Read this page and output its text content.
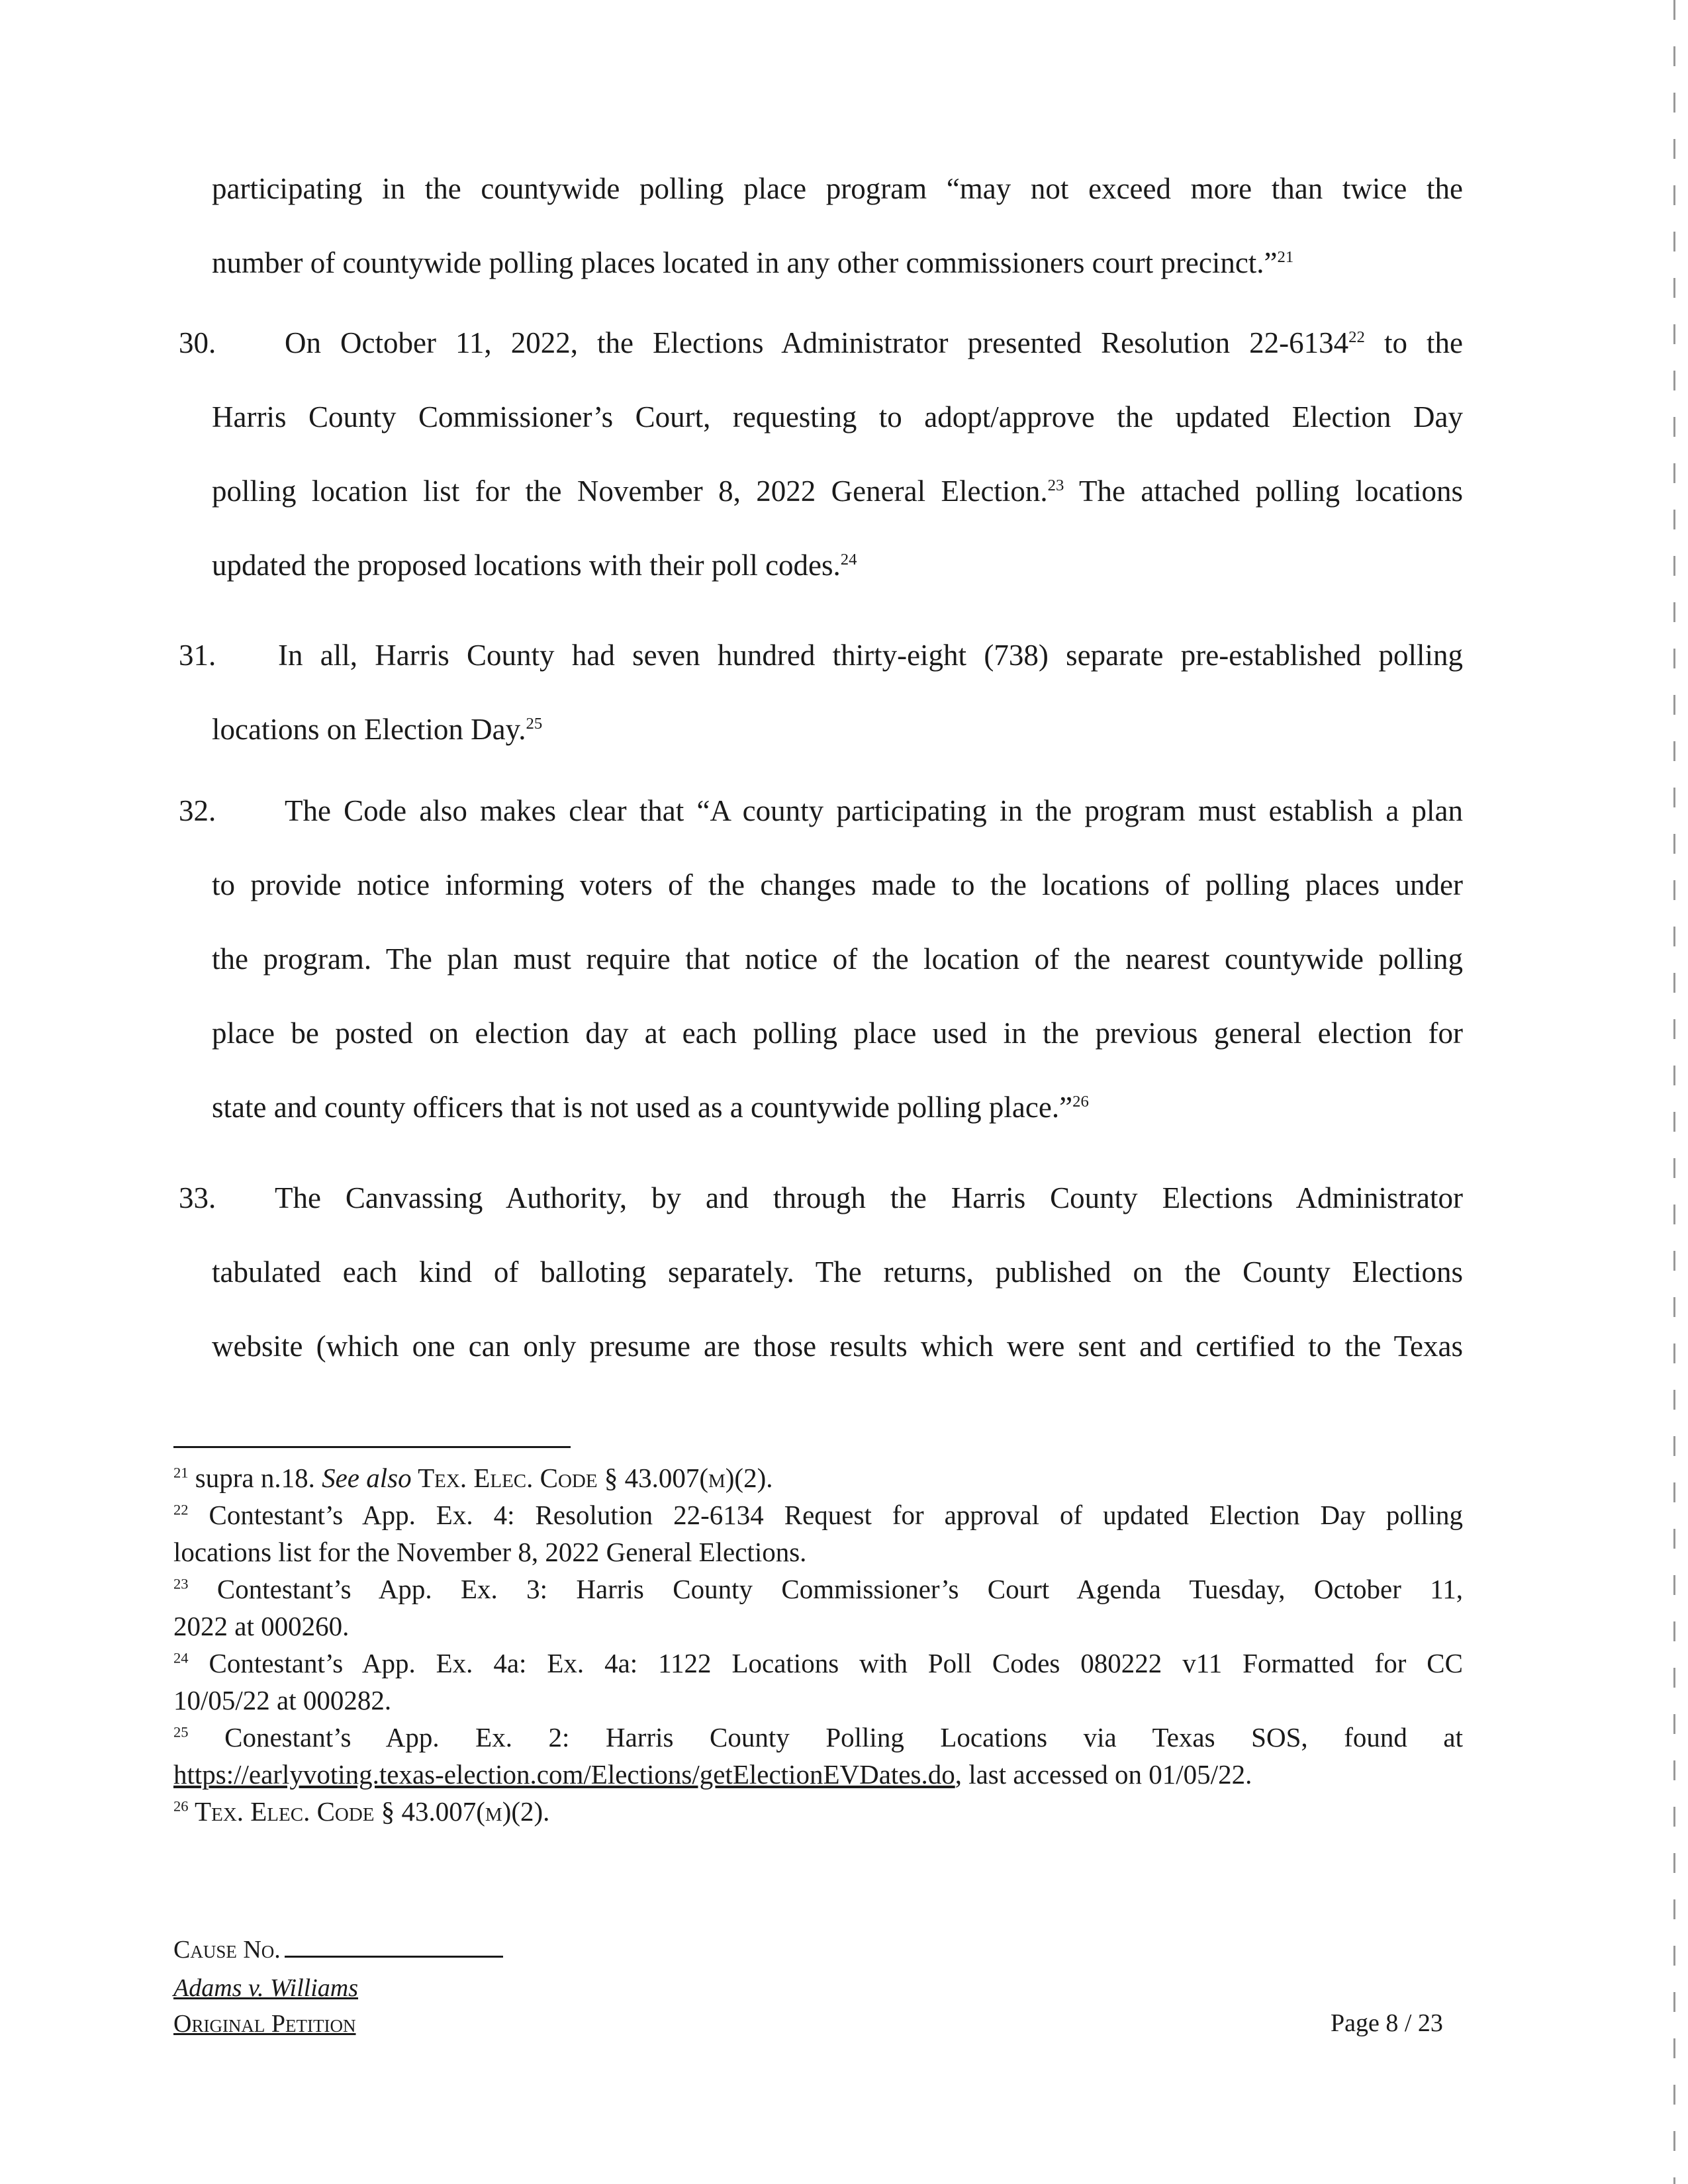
participating in the countywide polling place program “may not exceed more than twice the
number of countywide polling places located in any other commissioners court precinct.”$^{21}$
30. On October 11, 2022, the Elections Administrator presented Resolution 22-6134$^{22}$ to the
Harris County Commissioner’s Court, requesting to adopt/approve the updated Election Day
polling location list for the November 8, 2022 General Election.$^{23}$ The attached polling locations
updated the proposed locations with their poll codes.$^{24}$
31. In all, Harris County had seven hundred thirty-eight (738) separate pre-established polling
locations on Election Day.$^{25}$
32. The Code also makes clear that “A county participating in the program must establish a plan
to provide notice informing voters of the changes made to the locations of polling places under
the program. The plan must require that notice of the location of the nearest countywide polling
place be posted on election day at each polling place used in the previous general election for
state and county officers that is not used as a countywide polling place.”$^{26}$
33. The Canvassing Authority, by and through the Harris County Elections Administrator
tabulated each kind of balloting separately. The returns, published on the County Elections
website (which one can only presume are those results which were sent and certified to the Texas
$^{21}$ supra n.18. See also Tex. Elec. Code § 43.007(m)(2).
$^{22}$ Contestant’s App. Ex. 4: Resolution 22-6134 Request for approval of updated Election Day polling
locations list for the November 8, 2022 General Elections.
$^{23}$ Contestant’s App. Ex. 3: Harris County Commissioner’s Court Agenda Tuesday, October 11,
2022 at 000260.
$^{24}$ Contestant’s App. Ex. 4a: Ex. 4a: 1122 Locations with Poll Codes 080222 v11 Formatted for CC
10/05/22 at 000282.
$^{25}$ Conestant’s App. Ex. 2: Harris County Polling Locations via Texas SOS, found at
https://earlyvoting.texas-election.com/Elections/getElectionEVDates.do, last accessed on 01/05/22.
$^{26}$ Tex. Elec. Code § 43.007(m)(2).
Cause No.
Adams v. Williams
Original Petition	Page 8 / 23
